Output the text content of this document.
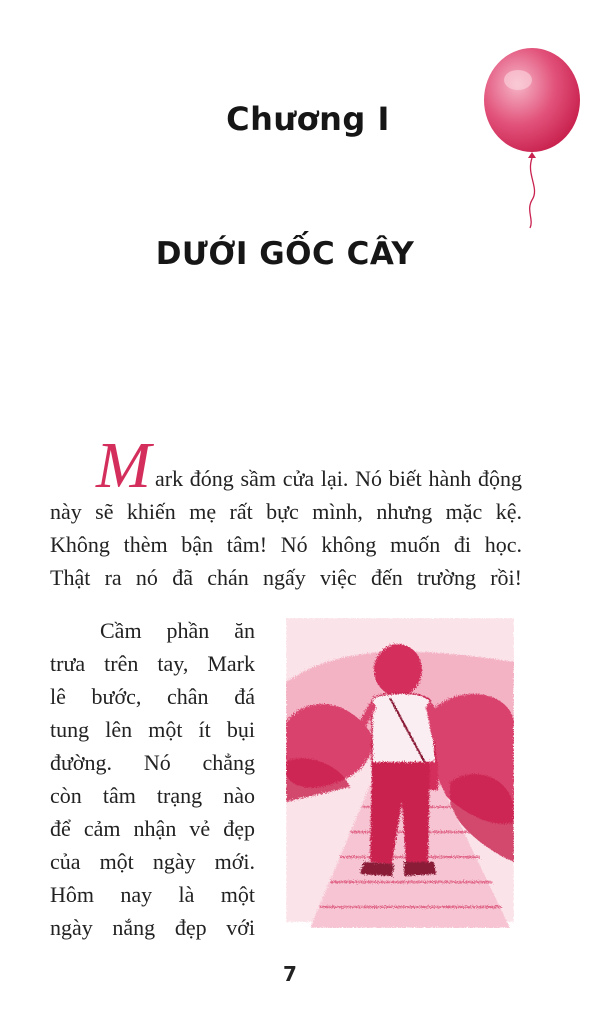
Chương I
DƯỚI GỐC CÂY
M ark đóng sầm cửa lại. Nó biết hành động
này sẽ khiến mẹ rất bực mình, nhưng mặc kệ.
Không thèm bận tâm! Nó không muốn đi học.
Thật ra nó đã chán ngấy việc đến trường rồi!
Cầm phần ăn
trưa trên tay, Mark
lê bước, chân đá
tung lên một ít bụi
đường. Nó chẳng
còn tâm trạng nào
để cảm nhận vẻ đẹp
của một ngày mới.
Hôm nay là một
ngày nắng đẹp với
7
